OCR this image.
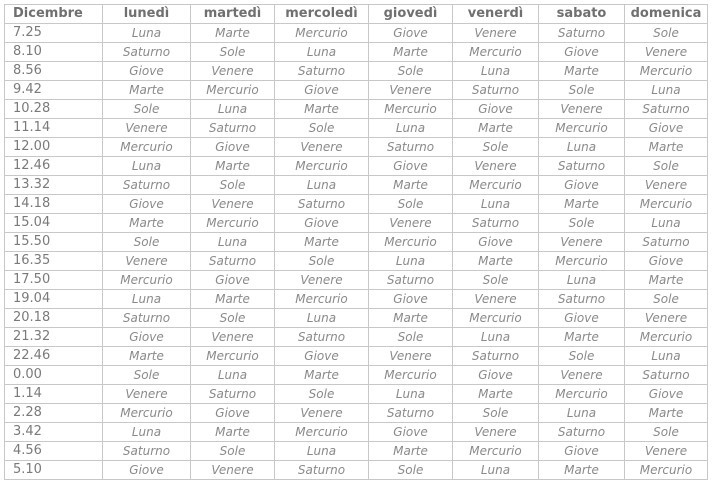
Dicembre	lunedì	martedì	mercoledì	giovedì	venerdì	sabato	domenica
7.25	Luna	Marte	Mercurio	Giove	Venere	Saturno	Sole
8.10	Saturno	Sole	Luna	Marte	Mercurio	Giove	Venere
8.56	Giove	Venere	Saturno	Sole	Luna	Marte	Mercurio
9.42	Marte	Mercurio	Giove	Venere	Saturno	Sole	Luna
10.28	Sole	Luna	Marte	Mercurio	Giove	Venere	Saturno
11.14	Venere	Saturno	Sole	Luna	Marte	Mercurio	Giove
12.00	Mercurio	Giove	Venere	Saturno	Sole	Luna	Marte
12.46	Luna	Marte	Mercurio	Giove	Venere	Saturno	Sole
13.32	Saturno	Sole	Luna	Marte	Mercurio	Giove	Venere
14.18	Giove	Venere	Saturno	Sole	Luna	Marte	Mercurio
15.04	Marte	Mercurio	Giove	Venere	Saturno	Sole	Luna
15.50	Sole	Luna	Marte	Mercurio	Giove	Venere	Saturno
16.35	Venere	Saturno	Sole	Luna	Marte	Mercurio	Giove
17.50	Mercurio	Giove	Venere	Saturno	Sole	Luna	Marte
19.04	Luna	Marte	Mercurio	Giove	Venere	Saturno	Sole
20.18	Saturno	Sole	Luna	Marte	Mercurio	Giove	Venere
21.32	Giove	Venere	Saturno	Sole	Luna	Marte	Mercurio
22.46	Marte	Mercurio	Giove	Venere	Saturno	Sole	Luna
0.00	Sole	Luna	Marte	Mercurio	Giove	Venere	Saturno
1.14	Venere	Saturno	Sole	Luna	Marte	Mercurio	Giove
2.28	Mercurio	Giove	Venere	Saturno	Sole	Luna	Marte
3.42	Luna	Marte	Mercurio	Giove	Venere	Saturno	Sole
4.56	Saturno	Sole	Luna	Marte	Mercurio	Giove	Venere
5.10	Giove	Venere	Saturno	Sole	Luna	Marte	Mercurio
